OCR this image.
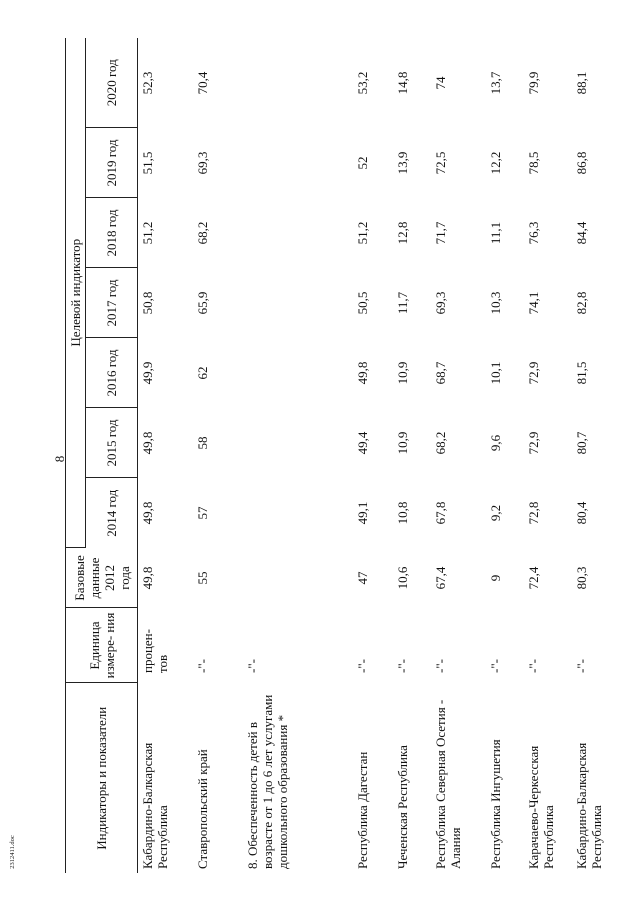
8
Индикаторы и показатели	Единица измере- ния	Базовые данные 2012 года	Целевой индикатор						
			2014 год	2015 год	2016 год	2017 год	2018 год	2019 год	2020 год
Кабардино-Балкарская Республика	процен- тов	49,8	49,8	49,8	49,9	50,8	51,2	51,5	52,3
Ставропольский край	-"-	55	57	58	62	65,9	68,2	69,3	70,4
8. Обеспеченность детей в возрасте от 1 до 6 лет услугами дошкольного образования *	-"-								
Республика Дагестан	-"-	47	49,1	49,4	49,8	50,5	51,2	52	53,2
Чеченская Республика	-"-	10,6	10,8	10,9	10,9	11,7	12,8	13,9	14,8
Республика Северная Осетия - Алания	-"-	67,4	67,8	68,2	68,7	69,3	71,7	72,5	74
Республика Ингушетия	-"-	9	9,2	9,6	10,1	10,3	11,1	12,2	13,7
Карачаево-Черкесская Республика	-"-	72,4	72,8	72,9	72,9	74,1	76,3	78,5	79,9
Кабардино-Балкарская Республика	-"-	80,3	80,4	80,7	81,5	82,8	84,4	86,8	88,1
2312411.doc
